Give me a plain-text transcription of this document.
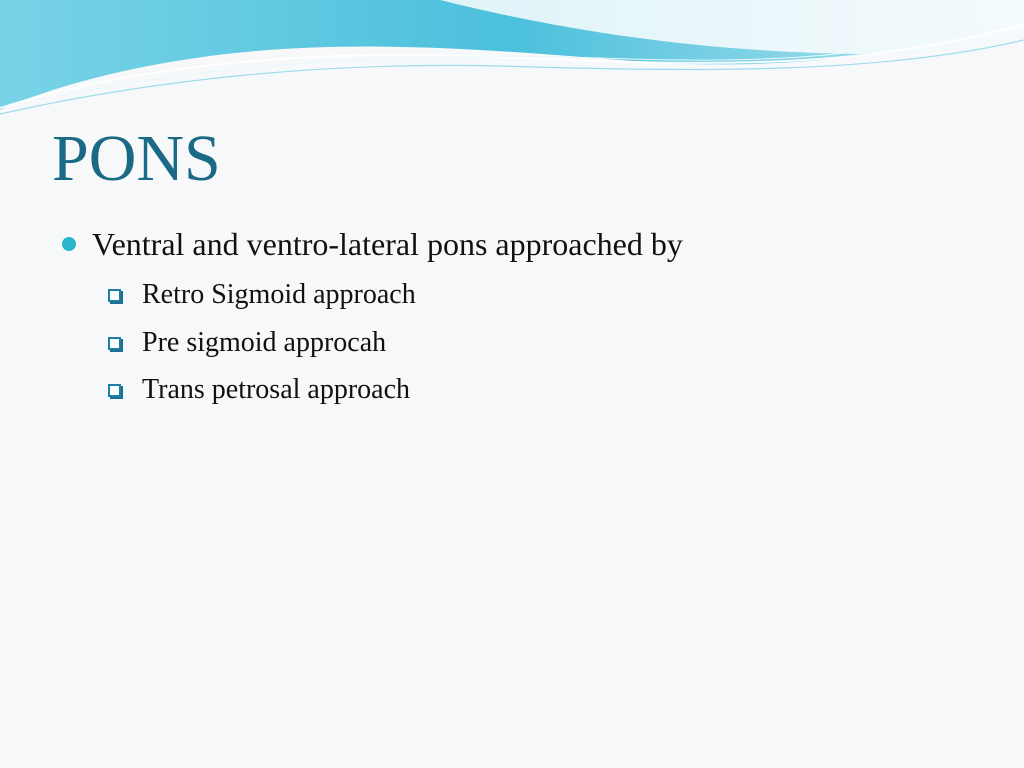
PONS
Ventral and ventro-lateral pons approached by
Retro Sigmoid approach
Pre sigmoid approcah
Trans petrosal approach
